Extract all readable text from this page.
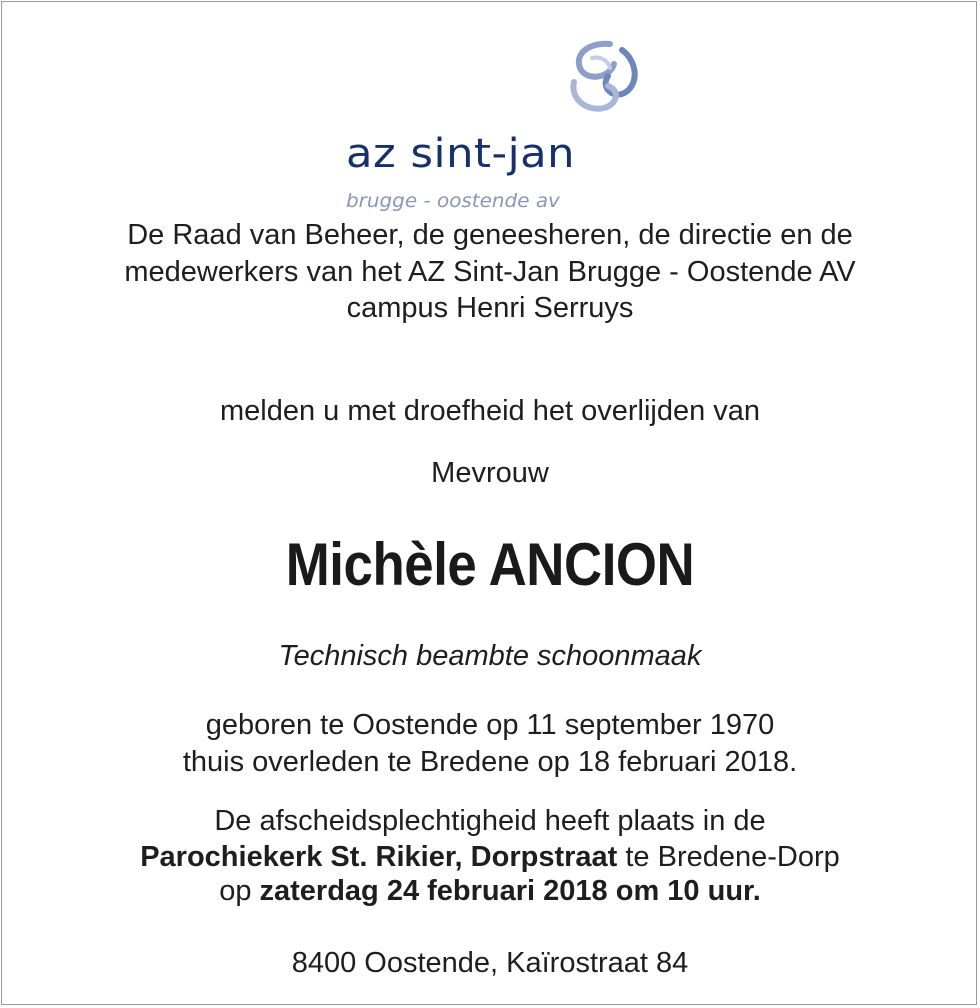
az sint-jan
brugge - oostende av
De Raad van Beheer, de geneesheren, de directie en de
medewerkers van het AZ Sint-Jan Brugge - Oostende AV
campus Henri Serruys
melden u met droefheid het overlijden van
Mevrouw
Michèle ANCION
Technisch beambte schoonmaak
geboren te Oostende op 11 september 1970
thuis overleden te Bredene op 18 februari 2018.
De afscheidsplechtigheid heeft plaats in de
Parochiekerk St. Rikier, Dorpstraat te Bredene-Dorp
op zaterdag 24 februari 2018 om 10 uur.
8400 Oostende, Kaïrostraat 84
